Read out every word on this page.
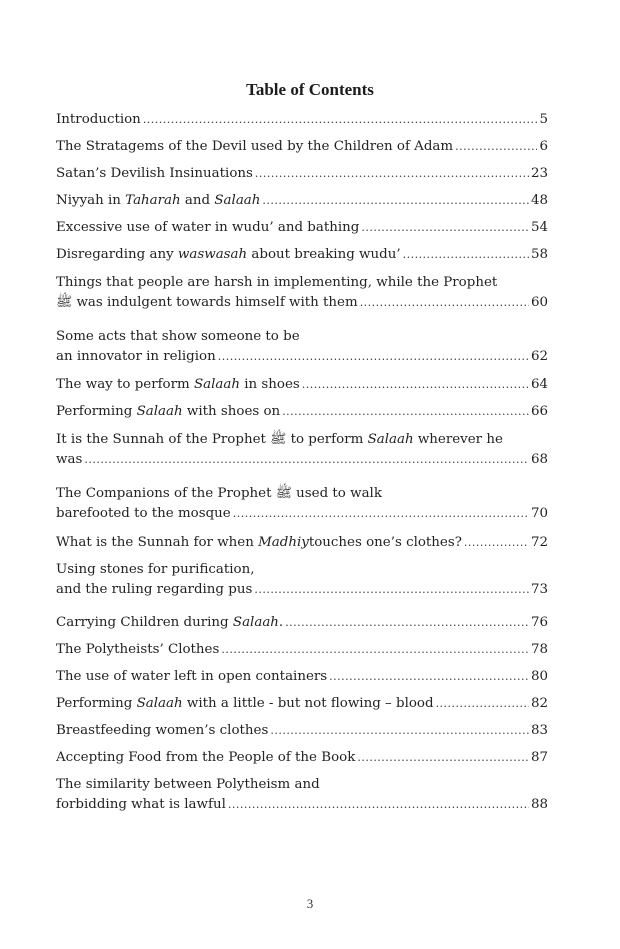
Table of Contents
Introduction .....	5
The Stratagems of the Devil used by the Children of Adam .....	6
Satan’s Devilish Insinuations .....	23
Niyyah in Taharah and Salaah .....	48
Excessive use of water in wudu’ and bathing .....	54
Disregarding any waswasah about breaking wudu’ .....	58
Things that people are harsh in implementing, while the Prophet
ﷺ was indulgent towards himself with them .....	60
Some acts that show someone to be
an innovator in religion .....	62
The way to perform Salaah in shoes .....	64
Performing Salaah with shoes on .....	66
It is the Sunnah of the Prophet ﷺ to perform Salaah wherever he
was .....	68
The Companions of the Prophet ﷺ used to walk
barefooted to the mosque .....	70
What is the Sunnah for when Madhiytouches one’s clothes? .....	72
Using stones for purification,
and the ruling regarding pus .....	73
Carrying Children during Salaah. .....	76
The Polytheists’ Clothes .....	78
The use of water left in open containers .....	80
Performing Salaah with a little - but not flowing – blood .....	82
Breastfeeding women’s clothes .....	83
Accepting Food from the People of the Book .....	87
The similarity between Polytheism and
forbidding what is lawful .....	88
3
